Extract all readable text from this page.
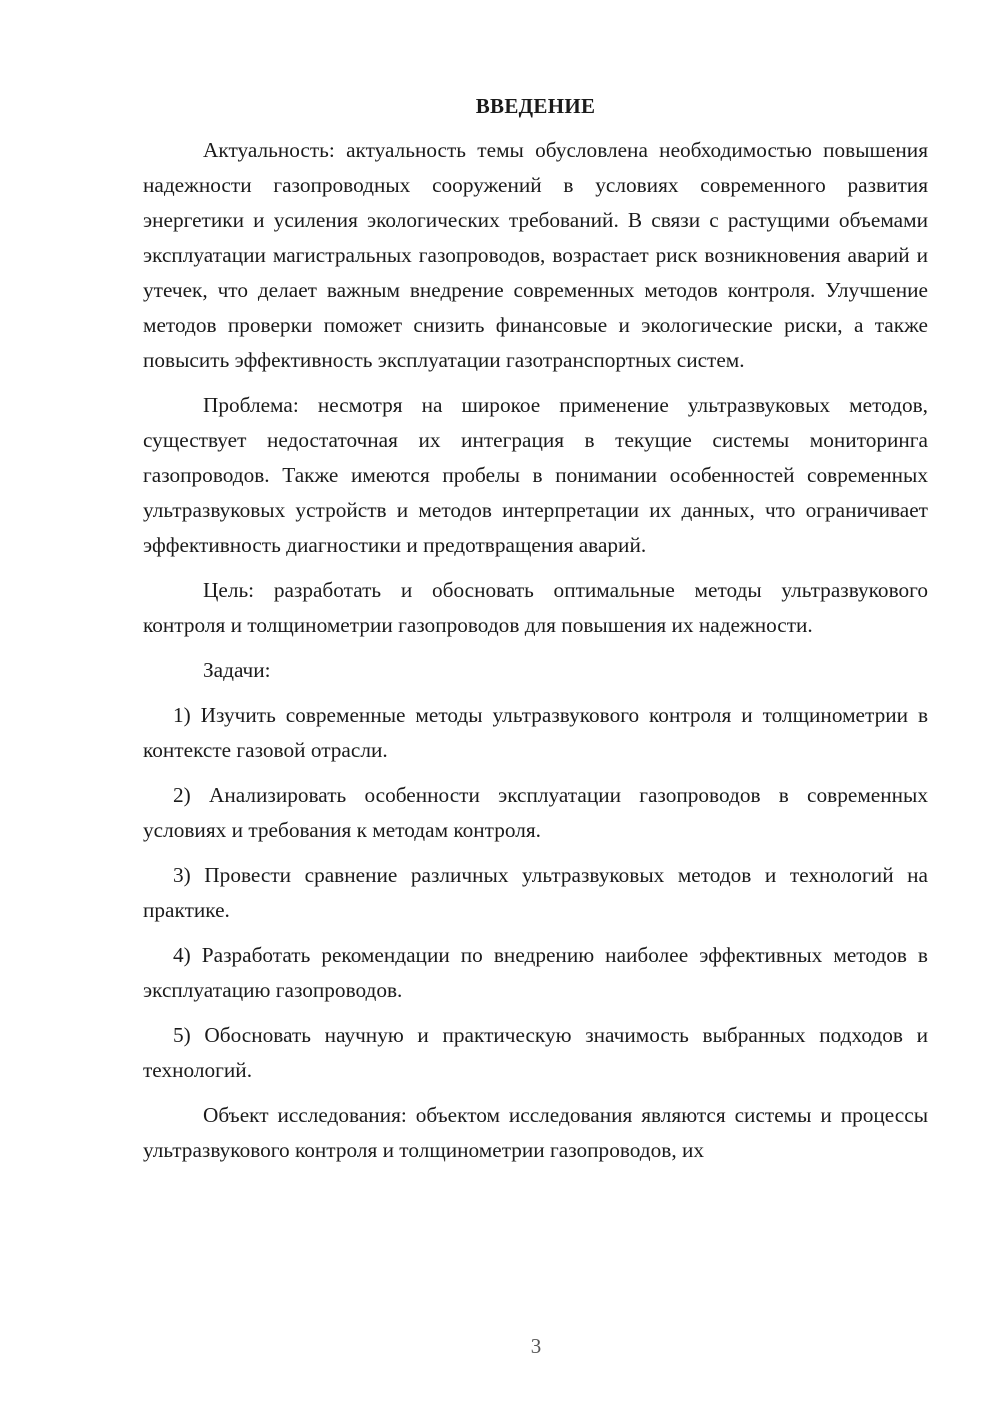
ВВЕДЕНИЕ

Актуальность: актуальность темы обусловлена необходимостью повышения надежности газопроводных сооружений в условиях современного развития энергетики и усиления экологических требований. В связи с растущими объемами эксплуатации магистральных газопроводов, возрастает риск возникновения аварий и утечек, что делает важным внедрение современных методов контроля. Улучшение методов проверки поможет снизить финансовые и экологические риски, а также повысить эффективность эксплуатации газотранспортных систем.

Проблема: несмотря на широкое применение ультразвуковых методов, существует недостаточная их интеграция в текущие системы мониторинга газопроводов. Также имеются пробелы в понимании особенностей современных ультразвуковых устройств и методов интерпретации их данных, что ограничивает эффективность диагностики и предотвращения аварий.

Цель: разработать и обосновать оптимальные методы ультразвукового контроля и толщинометрии газопроводов для повышения их надежности.

Задачи:

1) Изучить современные методы ультразвукового контроля и толщинометрии в контексте газовой отрасли.

2) Анализировать особенности эксплуатации газопроводов в современных условиях и требования к методам контроля.

3) Провести сравнение различных ультразвуковых методов и технологий на практике.

4) Разработать рекомендации по внедрению наиболее эффективных методов в эксплуатацию газопроводов.

5) Обосновать научную и практическую значимость выбранных подходов и технологий.

Объект исследования: объектом исследования являются системы и процессы ультразвукового контроля и толщинометрии газопроводов, их

3
